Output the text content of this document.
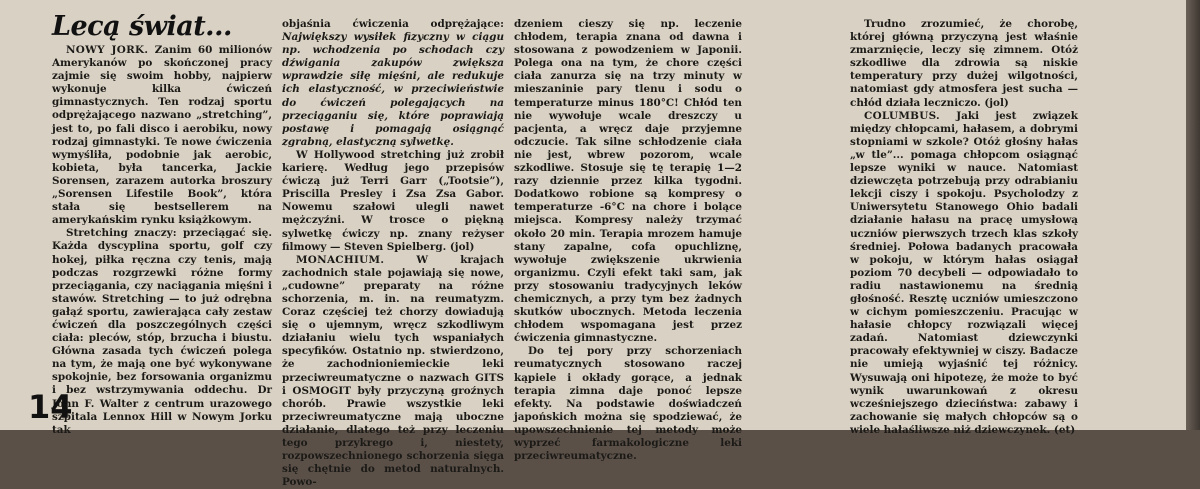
Lecą świat...

NOWY JORK. Zanim 60 milionów Amerykanów po skończonej pracy zajmie się swoim hobby, najpierw wykonuje kilka ćwiczeń gimnastycznych. Ten rodzaj sportu odprężającego nazwano „stretching”, jest to, po fali disco i aerobiku, nowy rodzaj gimnastyki. Te nowe ćwiczenia wymyśliła, podobnie jak aerobic, kobieta, była tancerka, Jackie Sorensen, zarazem autorka broszury „Sorensen Lifestile Book”, która stała się bestsellerem na amerykańskim rynku książkowym.

Stretching znaczy: przeciągać się. Każda dyscyplina sportu, golf czy hokej, piłka ręczna czy tenis, mają podczas rozgrzewki różne formy przeciągania, czy naciągania mięśni i stawów. Stretching — to już odrębna gałąź sportu, zawierająca cały zestaw ćwiczeń dla poszczególnych części ciała: pleców, stóp, brzucha i biustu. Główna zasada tych ćwiczeń polega na tym, że mają one być wykonywane spokojnie, bez forsowania organizmu i bez wstrzymywania oddechu. Dr John F. Walter z centrum urazowego szpitala Lennox Hill w Nowym Jorku tak

objaśnia ćwiczenia odprężające: Największy wysiłek fizyczny w ciągu np. wchodzenia po schodach czy dźwigania zakupów zwiększa wprawdzie siłę mięśni, ale redukuje ich elastyczność, w przeciwieństwie do ćwiczeń polegających na przeciąganiu się, które poprawiają postawę i pomagają osiągnąć zgrabną, elastyczną sylwetkę.

W Hollywood stretching już zrobił karierę. Według jego przepisów ćwiczą już Terri Garr („Tootsie”), Priscilla Presley i Zsa Zsa Gabor. Nowemu szałowi ulegli nawet mężczyźni. W trosce o piękną sylwetkę ćwiczy np. znany reżyser filmowy — Steven Spielberg. (jol)

MONACHIUM. W krajach zachodnich stale pojawiają się nowe, „cudowne” preparaty na różne schorzenia, m. in. na reumatyzm. Coraz częściej też chorzy dowiadują się o ujemnym, wręcz szkodliwym działaniu wielu tych wspaniałych specyfików. Ostatnio np. stwierdzono, że zachodnioniemieckie leki przeciwreumatyczne o nazwach GITS i OSMOGIT były przyczyną groźnych chorób. Prawie wszystkie leki przeciwreumatyczne mają uboczne działanie, dlatego też przy leczeniu tego przykrego i, niestety, rozpowszechnionego schorzenia sięga się chętnie do metod naturalnych. Powo-

dzeniem cieszy się np. leczenie chłodem, terapia znana od dawna i stosowana z powodzeniem w Japonii. Polega ona na tym, że chore części ciała zanurza się na trzy minuty w mieszaninie pary tlenu i sodu o temperaturze minus 180°C! Chłód ten nie wywołuje wcale dreszczy u pacjenta, a wręcz daje przyjemne odczucie. Tak silne schłodzenie ciała nie jest, wbrew pozorom, wcale szkodliwe. Stosuje się tę terapię 1—2 razy dziennie przez kilka tygodni. Dodatkowo robione są kompresy o temperaturze -6°C na chore i bolące miejsca. Kompresy należy trzymać około 20 min. Terapia mrozem hamuje stany zapalne, cofa opuchliznę, wywołuje zwiększenie ukrwienia organizmu. Czyli efekt taki sam, jak przy stosowaniu tradycyjnych leków chemicznych, a przy tym bez żadnych skutków ubocznych. Metoda leczenia chłodem wspomagana jest przez ćwiczenia gimnastyczne.

Do tej pory przy schorzeniach reumatycznych stosowano raczej kąpiele i okłady gorące, a jednak terapia zimna daje ponoć lepsze efekty. Na podstawie doświadczeń japońskich można się spodziewać, że upowszechnienie tej metody może wyprzeć farmakologiczne leki przeciwreumatyczne.

Trudno zrozumieć, że chorobę, której główną przyczyną jest właśnie zmarznięcie, leczy się zimnem. Otóż szkodliwe dla zdrowia są niskie temperatury przy dużej wilgotności, natomiast gdy atmosfera jest sucha — chłód działa leczniczo. (jol)

COLUMBUS. Jaki jest związek między chłopcami, hałasem, a dobrymi stopniami w szkole? Otóż głośny hałas „w tle”... pomaga chłopcom osiągnąć lepsze wyniki w nauce. Natomiast dziewczęta potrzebują przy odrabianiu lekcji ciszy i spokoju. Psycholodzy z Uniwersytetu Stanowego Ohio badali działanie hałasu na pracę umysłową uczniów pierwszych trzech klas szkoły średniej. Połowa badanych pracowała w pokoju, w którym hałas osiągał poziom 70 decybeli — odpowiadało to radiu nastawionemu na średnią głośność. Resztę uczniów umieszczono w cichym pomieszczeniu. Pracując w hałasie chłopcy rozwiązali więcej zadań. Natomiast dziewczynki pracowały efektywniej w ciszy. Badacze nie umieją wyjaśnić tej różnicy. Wysuwają oni hipotezę, że może to być wynik uwarunkowań z okresu wcześniejszego dzieciństwa: zabawy i zachowanie się małych chłopców są o wiele hałaśliwsze niż dziewczynek. (et)

14
